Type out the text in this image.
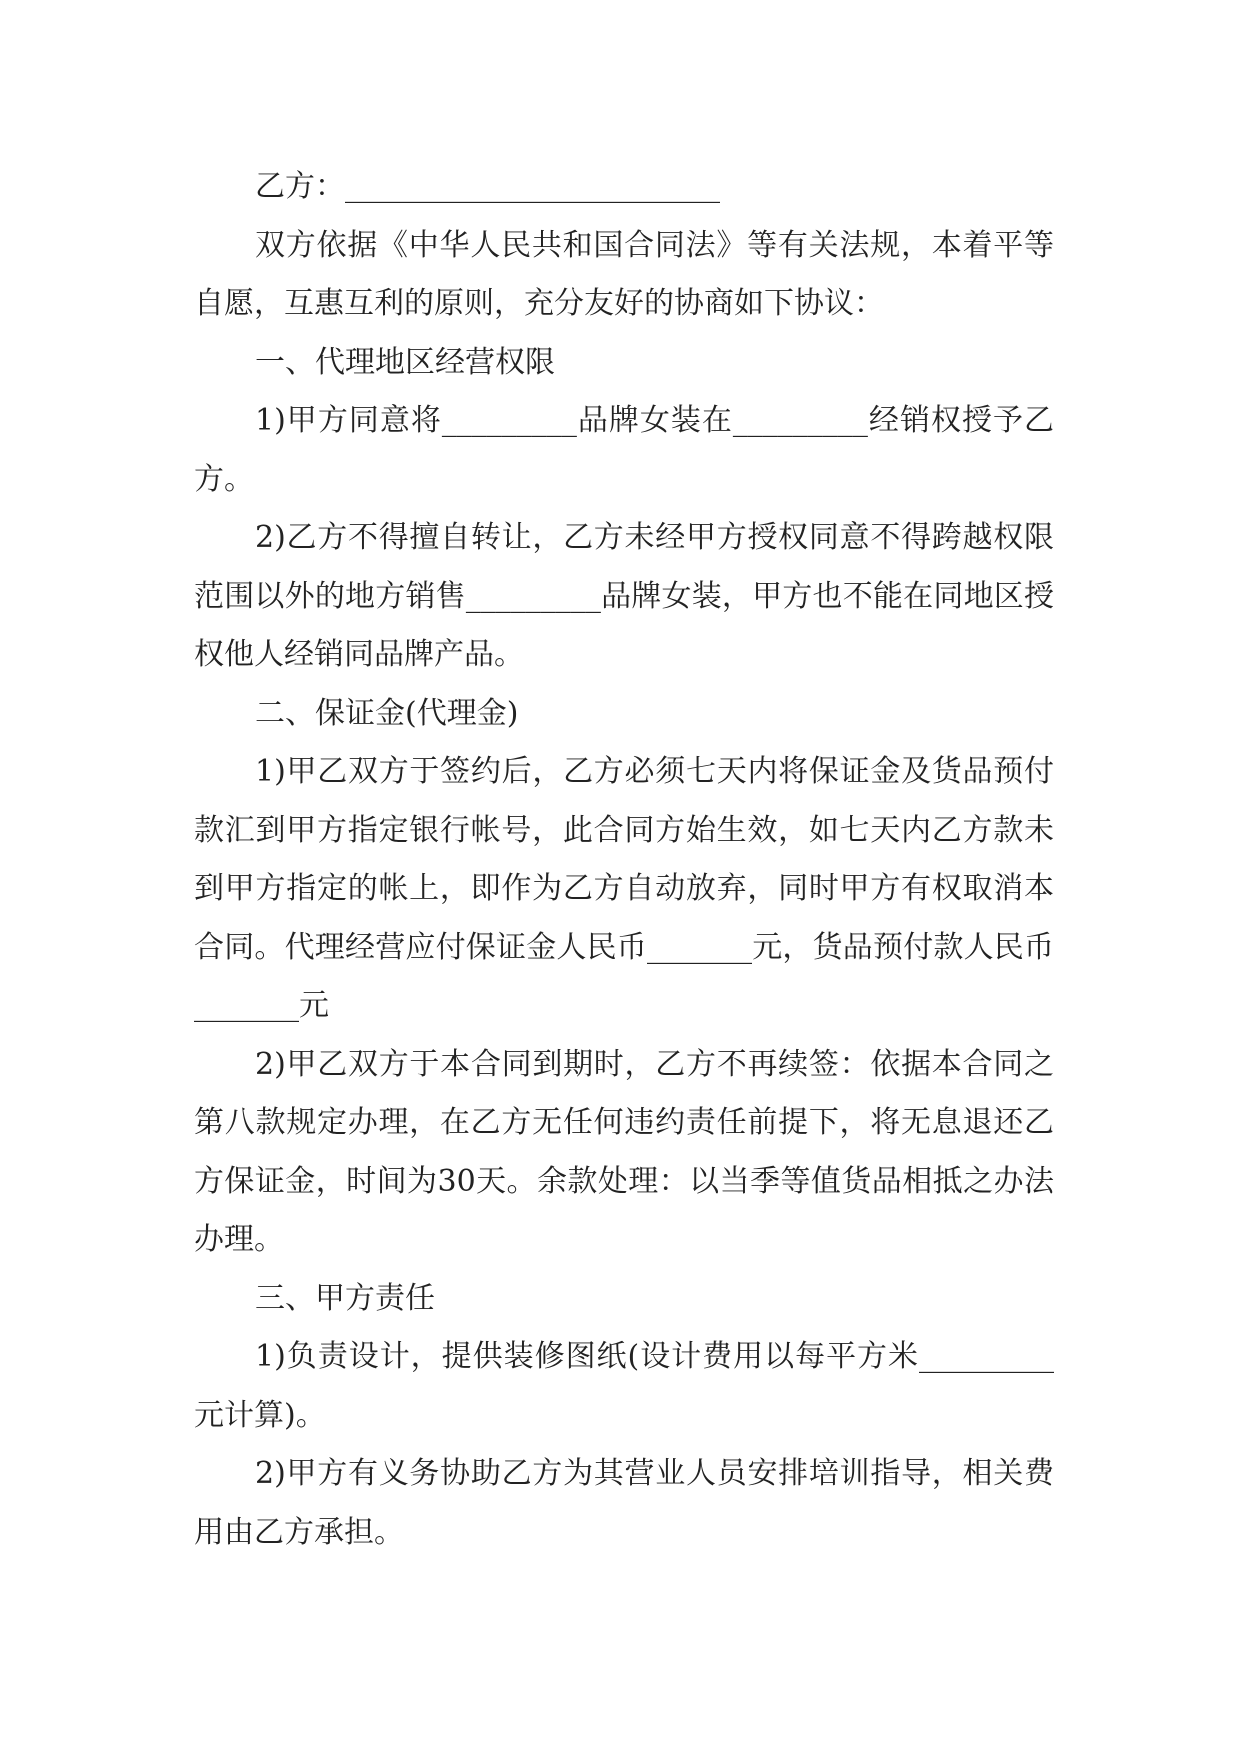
乙方：_________________________

双方依据《中华人民共和国合同法》等有关法规，本着平等自愿，互惠互利的原则，充分友好的协商如下协议：

一、代理地区经营权限

1)甲方同意将_________品牌女装在_________经销权授予乙方。

2)乙方不得擅自转让，乙方未经甲方授权同意不得跨越权限范围以外的地方销售_________品牌女装，甲方也不能在同地区授权他人经销同品牌产品。

二、保证金(代理金)

1)甲乙双方于签约后，乙方必须七天内将保证金及货品预付款汇到甲方指定银行帐号，此合同方始生效，如七天内乙方款未到甲方指定的帐上，即作为乙方自动放弃，同时甲方有权取消本合同。代理经营应付保证金人民币_______元，货品预付款人民币_______元

2)甲乙双方于本合同到期时，乙方不再续签：依据本合同之第八款规定办理，在乙方无任何违约责任前提下，将无息退还乙方保证金，时间为30天。余款处理：以当季等值货品相抵之办法办理。

三、甲方责任

1)负责设计，提供装修图纸(设计费用以每平方米_________元计算)。

2)甲方有义务协助乙方为其营业人员安排培训指导，相关费用由乙方承担。
